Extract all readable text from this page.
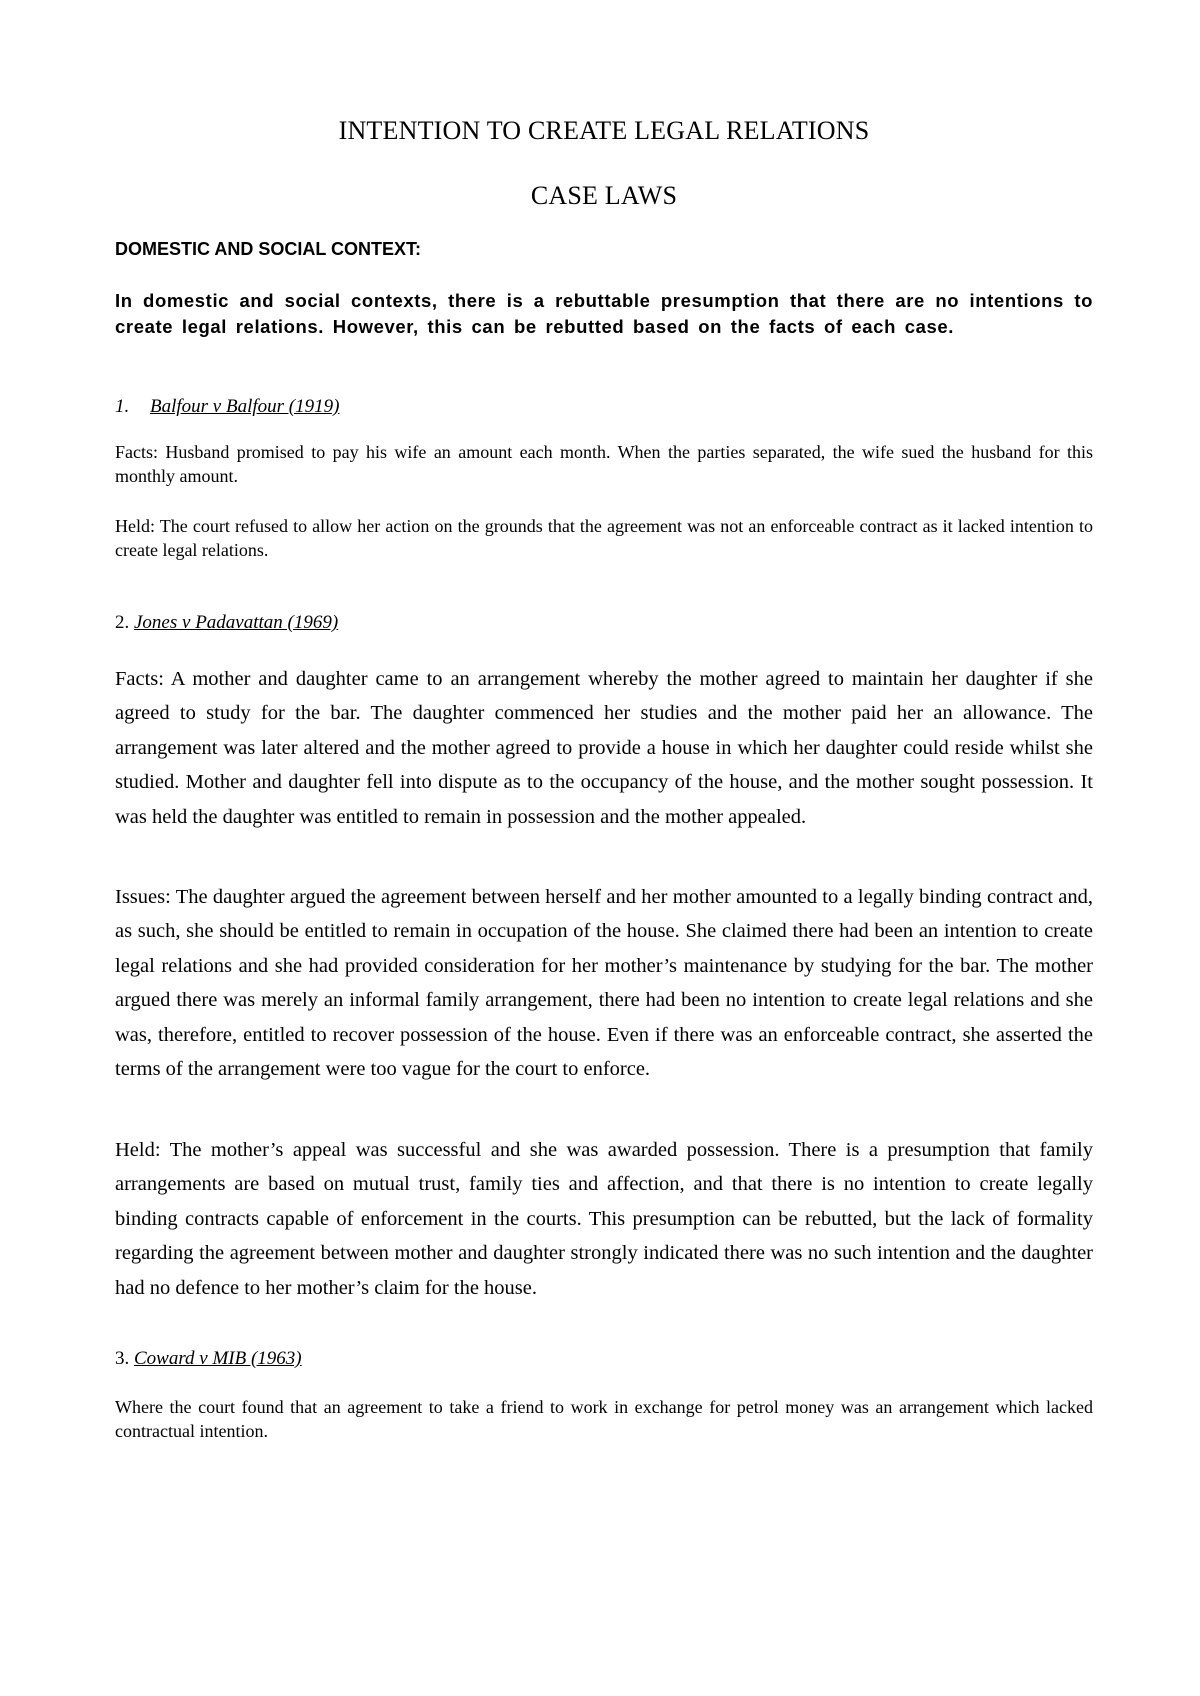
INTENTION TO CREATE LEGAL RELATIONS
CASE LAWS
DOMESTIC AND SOCIAL CONTEXT:
In domestic and social contexts, there is a rebuttable presumption that there are no intentions to create legal relations. However, this can be rebutted based on the facts of each case.
1. Balfour v Balfour (1919)
Facts: Husband promised to pay his wife an amount each month. When the parties separated, the wife sued the husband for this monthly amount.
Held: The court refused to allow her action on the grounds that the agreement was not an enforceable contract as it lacked intention to create legal relations.
2. Jones v Padavattan (1969)
Facts: A mother and daughter came to an arrangement whereby the mother agreed to maintain her daughter if she agreed to study for the bar. The daughter commenced her studies and the mother paid her an allowance. The arrangement was later altered and the mother agreed to provide a house in which her daughter could reside whilst she studied. Mother and daughter fell into dispute as to the occupancy of the house, and the mother sought possession. It was held the daughter was entitled to remain in possession and the mother appealed.
Issues: The daughter argued the agreement between herself and her mother amounted to a legally binding contract and, as such, she should be entitled to remain in occupation of the house. She claimed there had been an intention to create legal relations and she had provided consideration for her mother’s maintenance by studying for the bar. The mother argued there was merely an informal family arrangement, there had been no intention to create legal relations and she was, therefore, entitled to recover possession of the house. Even if there was an enforceable contract, she asserted the terms of the arrangement were too vague for the court to enforce.
Held: The mother’s appeal was successful and she was awarded possession. There is a presumption that family arrangements are based on mutual trust, family ties and affection, and that there is no intention to create legally binding contracts capable of enforcement in the courts. This presumption can be rebutted, but the lack of formality regarding the agreement between mother and daughter strongly indicated there was no such intention and the daughter had no defence to her mother’s claim for the house.
3. Coward v MIB (1963)
Where the court found that an agreement to take a friend to work in exchange for petrol money was an arrangement which lacked contractual intention.
